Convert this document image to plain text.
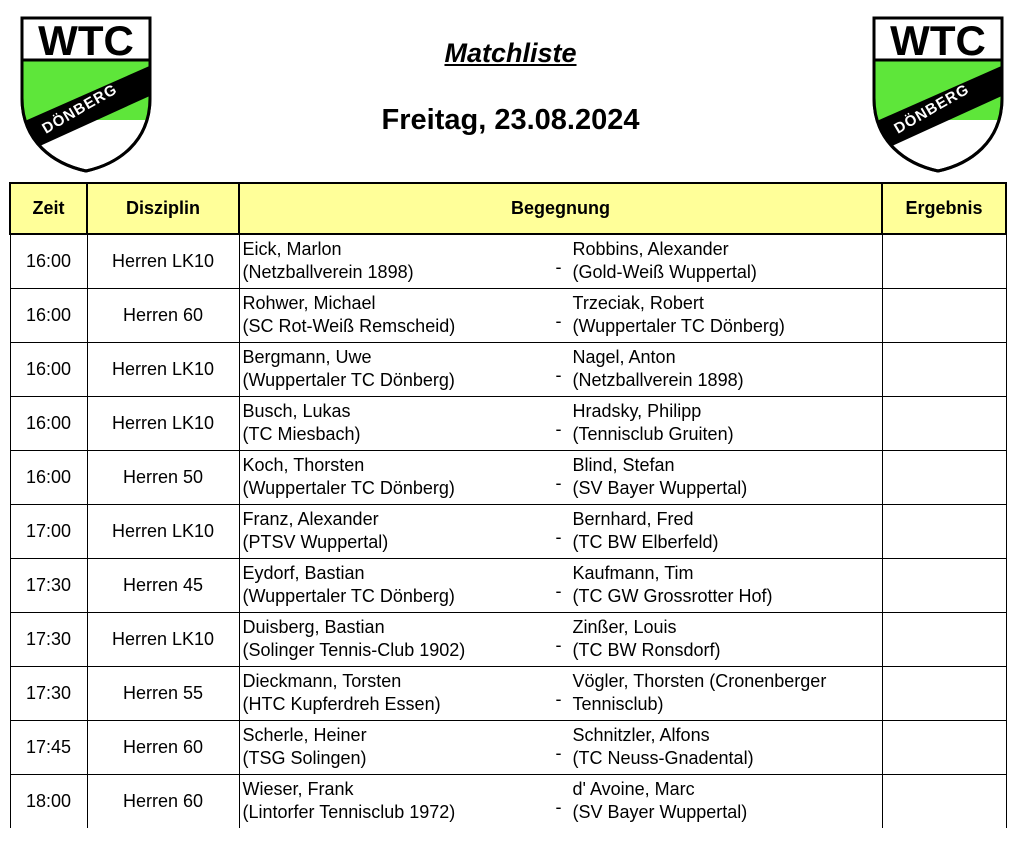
WTC
DÖNBERG
WTC
DÖNBERG
Matchliste
Freitag, 23.08.2024
Zeit	Disziplin	Begegnung	Ergebnis
16:00	Herren LK10	Eick, Marlon
(Netzballverein 1898) -
Robbins, Alexander
(Gold-Weiß Wuppertal)	

16:00	Herren 60	Rohwer, Michael
(SC Rot-Weiß Remscheid) -
Trzeciak, Robert
(Wuppertaler TC Dönberg)	

16:00	Herren LK10	Bergmann, Uwe
(Wuppertaler TC Dönberg) -
Nagel, Anton
(Netzballverein 1898)	

16:00	Herren LK10	Busch, Lukas
(TC Miesbach) -
Hradsky, Philipp
(Tennisclub Gruiten)	

16:00	Herren 50	Koch, Thorsten
(Wuppertaler TC Dönberg) -
Blind, Stefan
(SV Bayer Wuppertal)	

17:00	Herren LK10	Franz, Alexander
(PTSV Wuppertal) -
Bernhard, Fred
(TC BW Elberfeld)	

17:30	Herren 45	Eydorf, Bastian
(Wuppertaler TC Dönberg) -
Kaufmann, Tim
(TC GW Grossrotter Hof)	

17:30	Herren LK10	Duisberg, Bastian
(Solinger Tennis-Club 1902) -
Zinßer, Louis
(TC BW Ronsdorf)	

17:30	Herren 55	Dieckmann, Torsten
(HTC Kupferdreh Essen) -
Vögler, Thorsten (Cronenberger
Tennisclub)	

17:45	Herren 60	Scherle, Heiner
(TSG Solingen) -
Schnitzler, Alfons
(TC Neuss-Gnadental)	

18:00	Herren 60	Wieser, Frank
(Lintorfer Tennisclub 1972) -
d' Avoine, Marc
(SV Bayer Wuppertal)	
